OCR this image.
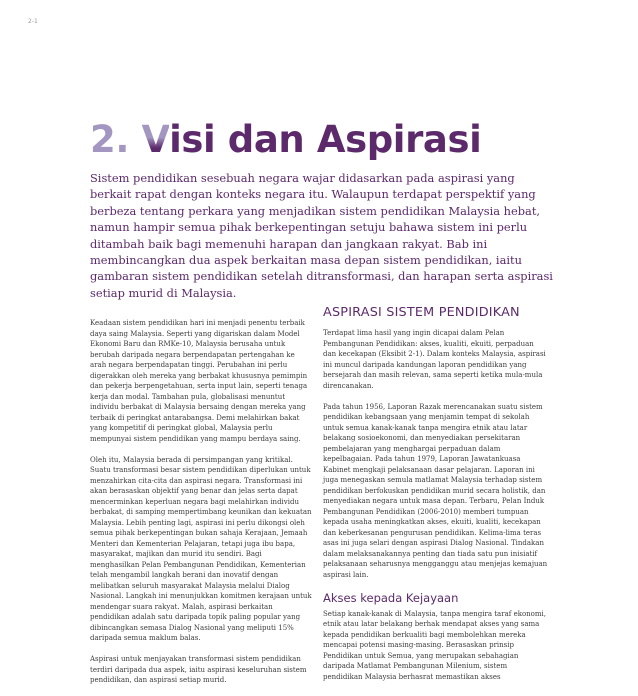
2-1
2. Visi dan Aspirasi

Sistem pendidikan sesebuah negara wajar didasarkan pada aspirasi yang berkait rapat dengan konteks negara itu. Walaupun terdapat perspektif yang berbeza tentang perkara yang menjadikan sistem pendidikan Malaysia hebat, namun hampir semua pihak berkepentingan setuju bahawa sistem ini perlu ditambah baik bagi memenuhi harapan dan jangkaan rakyat. Bab ini membincangkan dua aspek berkaitan masa depan sistem pendidikan, iaitu gambaran sistem pendidikan setelah ditransformasi, dan harapan serta aspirasi setiap murid di Malaysia.

Keadaan sistem pendidikan hari ini menjadi penentu terbaik daya saing Malaysia. Seperti yang digariskan dalam Model Ekonomi Baru dan RMKe-10, Malaysia berusaha untuk berubah daripada negara berpendapatan pertengahan ke arah negara berpendapatan tinggi. Perubahan ini perlu digerakkan oleh mereka yang berbakat khususnya pemimpin dan pekerja berpengetahuan, serta input lain, seperti tenaga kerja dan modal. Tambahan pula, globalisasi menuntut individu berbakat di Malaysia bersaing dengan mereka yang terbaik di peringkat antarabangsa. Demi melahirkan bakat yang kompetitif di peringkat global, Malaysia perlu mempunyai sistem pendidikan yang mampu berdaya saing.

Oleh itu, Malaysia berada di persimpangan yang kritikal. Suatu transformasi besar sistem pendidikan diperlukan untuk menzahirkan cita-cita dan aspirasi negara. Transformasi ini akan berasaskan objektif yang benar dan jelas serta dapat mencerminkan keperluan negara bagi melahirkan individu berbakat, di samping mempertimbang keunikan dan kekuatan Malaysia. Lebih penting lagi, aspirasi ini perlu dikongsi oleh semua pihak berkepentingan bukan sahaja Kerajaan, Jemaah Menteri dan Kementerian Pelajaran, tetapi juga ibu bapa, masyarakat, majikan dan murid itu sendiri. Bagi menghasilkan Pelan Pembangunan Pendidikan, Kementerian telah mengambil langkah berani dan inovatif dengan melibatkan seluruh masyarakat Malaysia melalui Dialog Nasional. Langkah ini menunjukkan komitmen kerajaan untuk mendengar suara rakyat. Malah, aspirasi berkaitan pendidikan adalah satu daripada topik paling popular yang dibincangkan semasa Dialog Nasional yang meliputi 15% daripada semua maklum balas.

Aspirasi untuk menjayakan transformasi sistem pendidikan terdiri daripada dua aspek, iaitu aspirasi keseluruhan sistem pendidikan, dan aspirasi setiap murid.

ASPIRASI SISTEM PENDIDIKAN

Terdapat lima hasil yang ingin dicapai dalam Pelan Pembangunan Pendidikan: akses, kualiti, ekuiti, perpaduan dan kecekapan (Eksibit 2-1). Dalam konteks Malaysia, aspirasi ini muncul daripada kandungan laporan pendidikan yang bersejarah dan masih relevan, sama seperti ketika mula-mula direncanakan.

Pada tahun 1956, Laporan Razak merencanakan suatu sistem pendidikan kebangsaan yang menjamin tempat di sekolah untuk semua kanak-kanak tanpa mengira etnik atau latar belakang sosioekonomi, dan menyediakan persekitaran pembelajaran yang menghargai perpaduan dalam kepelbagaian. Pada tahun 1979, Laporan Jawatankuasa Kabinet mengkaji pelaksanaan dasar pelajaran. Laporan ini juga menegaskan semula matlamat Malaysia terhadap sistem pendidikan berfokuskan pendidikan murid secara holistik, dan menyediakan negara untuk masa depan. Terbaru, Pelan Induk Pembangunan Pendidikan (2006-2010) memberi tumpuan kepada usaha meningkatkan akses, ekuiti, kualiti, kecekapan dan keberkesanan pengurusan pendidikan. Kelima-lima teras asas ini juga selari dengan aspirasi Dialog Nasional. Tindakan dalam melaksanakannya penting dan tiada satu pun inisiatif pelaksanaan seharusnya mengganggu atau menjejas kemajuan aspirasi lain.

Akses kepada Kejayaan

Setiap kanak-kanak di Malaysia, tanpa mengira taraf ekonomi, etnik atau latar belakang berhak mendapat akses yang sama kepada pendidikan berkualiti bagi membolehkan mereka mencapai potensi masing-masing. Berasaskan prinsip Pendidikan untuk Semua, yang merupakan sebahagian daripada Matlamat Pembangunan Milenium, sistem pendidikan Malaysia berhasrat memastikan akses
